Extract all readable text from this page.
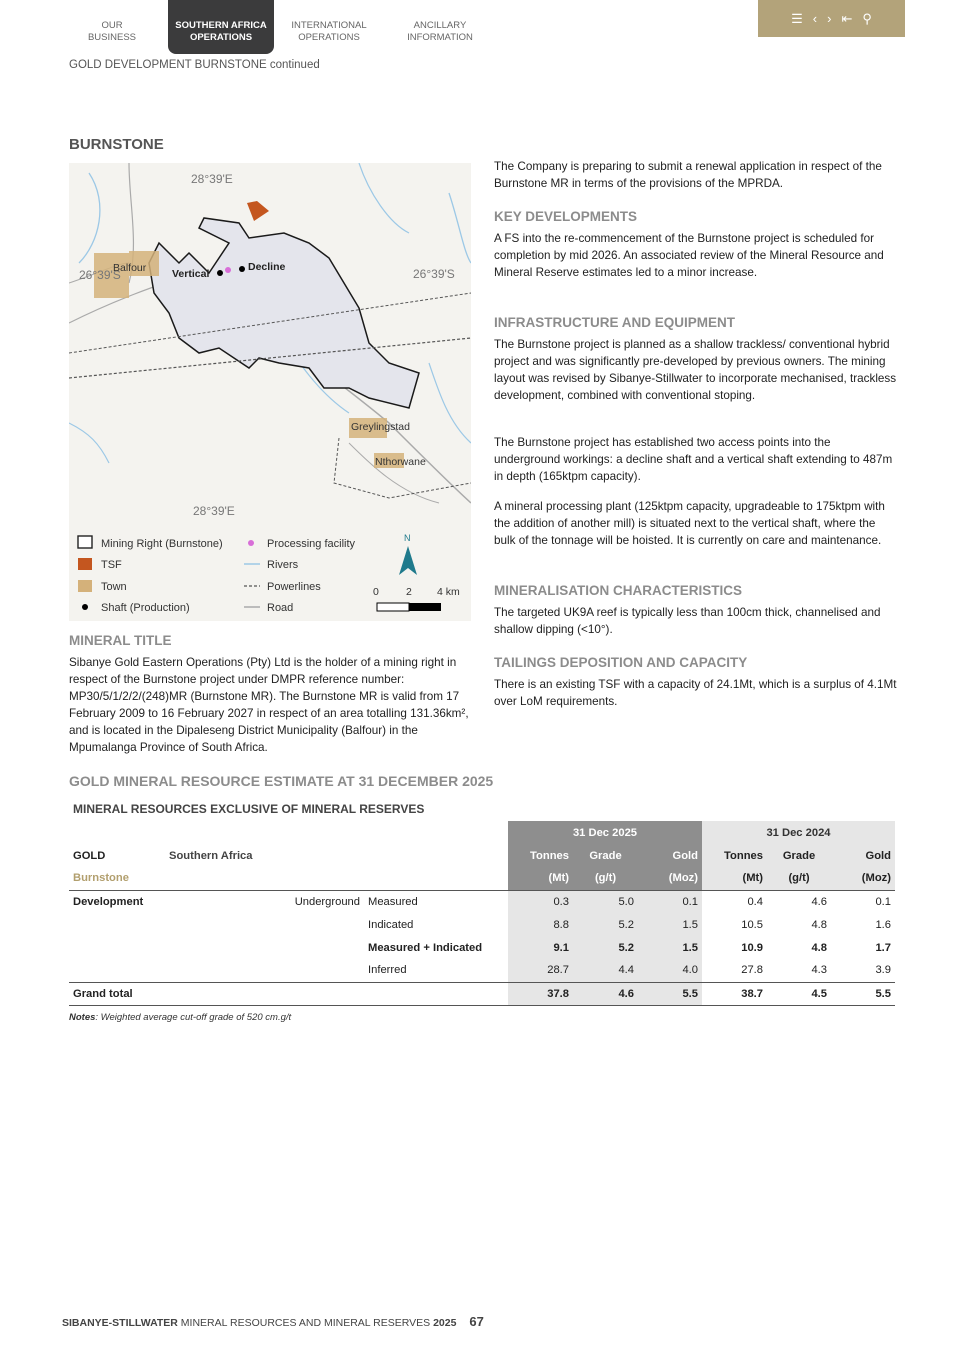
OUR
BUSINESS
SOUTHERN AFRICA
OPERATIONS
INTERNATIONAL
OPERATIONS
ANCILLARY
INFORMATION
☰ ‹ › ⇤ ⚲
GOLD DEVELOPMENT BURNSTONE continued
BURNSTONE
28°39'E
26°39'S	26°39'S
28°39'E
Balfour Vertical
Decline
Greylingstad
Nthorwane
Mining Right (Burnstone)
TSF
Town
Shaft (Production)
Processing facility
Rivers
Powerlines
Road
N
0	2 4 km
MINERAL TITLE

Sibanye Gold Eastern Operations (Pty) Ltd is the holder of a mining right in respect of the Burnstone project under DMPR reference number: MP30/5/1/2/2/(248)MR (Burnstone MR). The Burnstone MR is valid from 17 February 2009 to 16 February 2027 in respect of an area totalling 131.36km², and is located in the Dipaleseng District Municipality (Balfour) in the Mpumalanga Province of South Africa.

The Company is preparing to submit a renewal application in respect of the Burnstone MR in terms of the provisions of the MPRDA.

KEY DEVELOPMENTS

A FS into the re-commencement of the Burnstone project is scheduled for completion by mid 2026. An associated review of the Mineral Resource and Mineral Reserve estimates led to a minor increase.

INFRASTRUCTURE AND EQUIPMENT

The Burnstone project is planned as a shallow trackless/ conventional hybrid project and was significantly pre-developed by previous owners. The mining layout was revised by Sibanye-Stillwater to incorporate mechanised, trackless development, combined with conventional stoping.

The Burnstone project has established two access points into the underground workings: a decline shaft and a vertical shaft extending to 487m in depth (165ktpm capacity).

A mineral processing plant (125ktpm capacity, upgradeable to 175ktpm with the addition of another mill) is situated next to the vertical shaft, where the bulk of the tonnage will be hoisted. It is currently on care and maintenance.

MINERALISATION CHARACTERISTICS

The targeted UK9A reef is typically less than 100cm thick, channelised and shallow dipping (<10°).

TAILINGS DEPOSITION AND CAPACITY

There is an existing TSF with a capacity of 24.1Mt, which is a surplus of 4.1Mt over LoM requirements.

GOLD MINERAL RESOURCE ESTIMATE AT 31 DECEMBER 2025
MINERAL RESOURCES EXCLUSIVE OF MINERAL RESERVES
				31 Dec 2025			31 Dec 2024		
GOLD	Southern Africa			Tonnes	Grade	Gold	Tonnes	Grade	Gold
Burnstone				(Mt)	(g/t)	(Moz)	(Mt)	(g/t)	(Moz)
Development		Underground	Measured	0.3	5.0	0.1	0.4	4.6	0.1
			Indicated	8.8	5.2	1.5	10.5	4.8	1.6
			Measured + Indicated	9.1	5.2	1.5	10.9	4.8	1.7
			Inferred	28.7	4.4	4.0	27.8	4.3	3.9
Grand total				37.8	4.6	5.5	38.7	4.5	5.5
Notes: Weighted average cut-off grade of 520 cm.g/t
SIBANYE-STILLWATER MINERAL RESOURCES AND MINERAL RESERVES 2025 67
